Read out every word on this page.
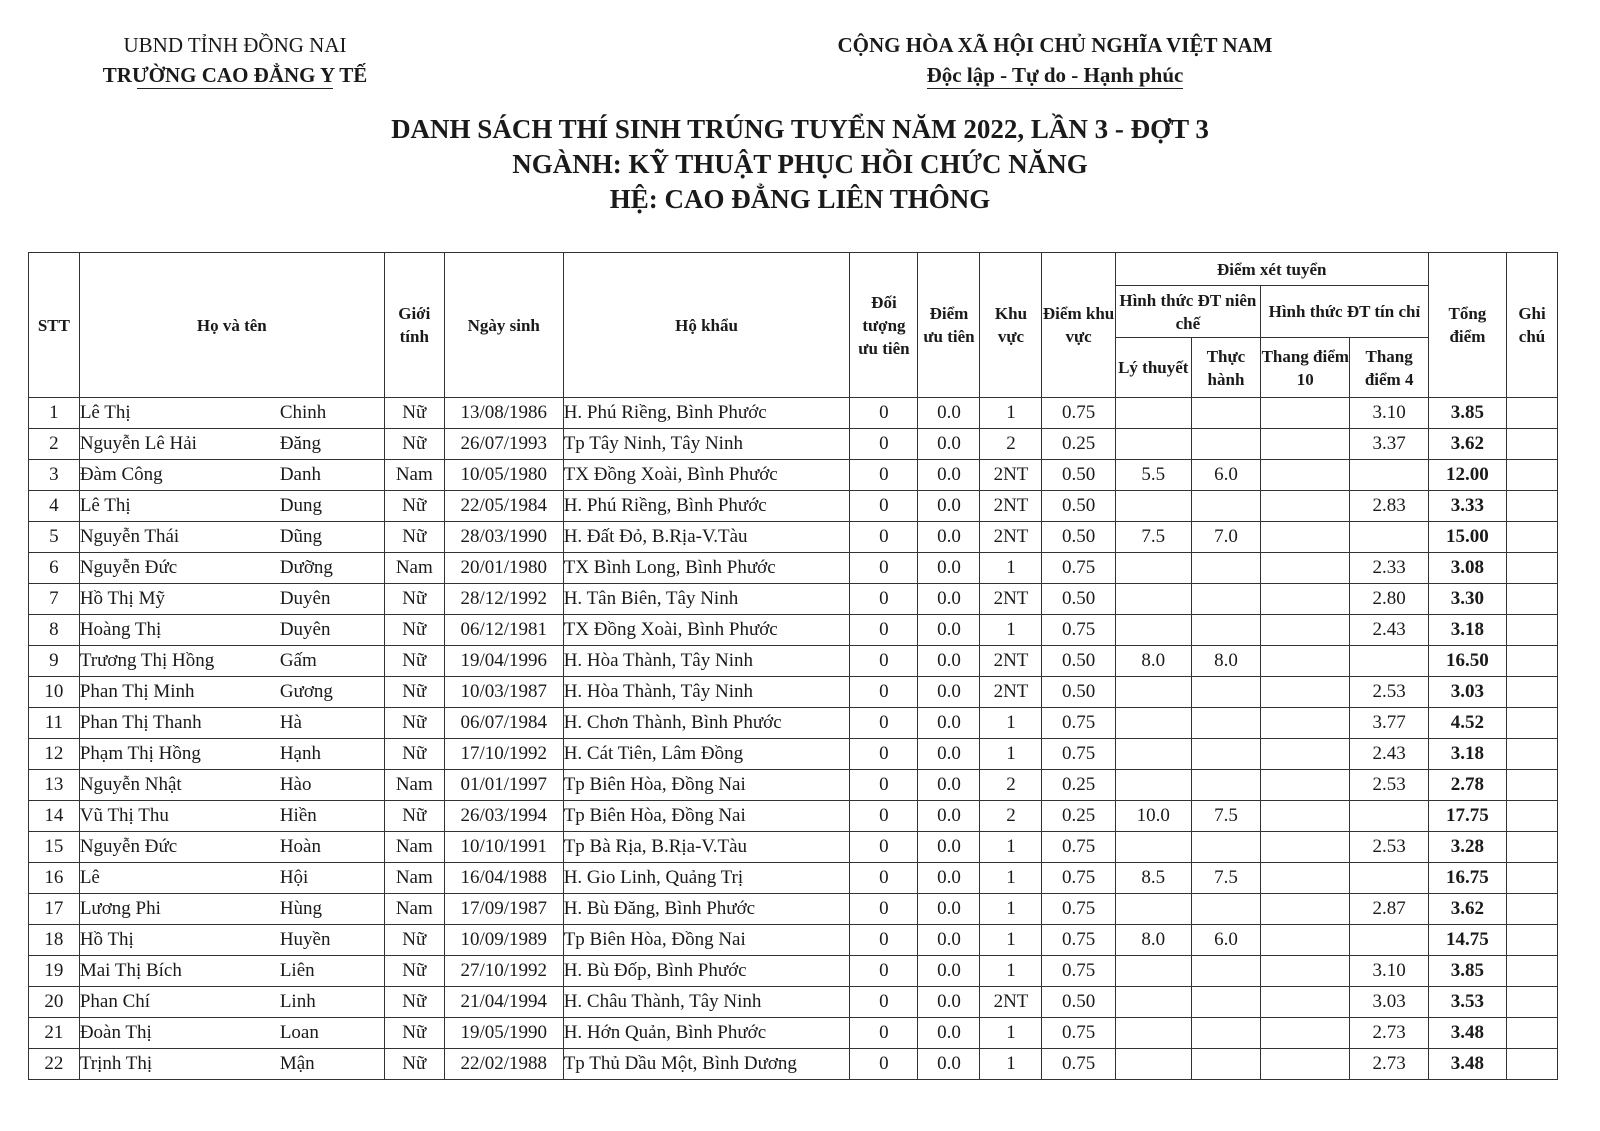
UBND TỈNH ĐỒNG NAI
TRƯỜNG CAO ĐẲNG Y TẾ
CỘNG HÒA XÃ HỘI CHỦ NGHĨA VIỆT NAM
Độc lập - Tự do - Hạnh phúc
DANH SÁCH THÍ SINH TRÚNG TUYỂN NĂM 2022, LẦN 3 - ĐỢT 3
NGÀNH: KỸ THUẬT PHỤC HỒI CHỨC NĂNG
HỆ: CAO ĐẲNG LIÊN THÔNG
STT	Họ và tên	Giới tính	Ngày sinh	Hộ khẩu	Đối tượng ưu tiên	Điểm ưu tiên	Khu vực	Điểm khu vực	Điểm xét tuyển				Tổng điểm	Ghi chú
									Hình thức ĐT niên chế		Hình thức ĐT tín chỉ			
									Lý thuyết	Thực hành	Thang điểm 10	Thang điểm 4		
1	Lê Thị Chinh	Nữ	13/08/1986	H. Phú Riềng, Bình Phước	0	0.0	1	0.75				3.10	3.85	
2	Nguyễn Lê Hải Đăng	Nữ	26/07/1993	Tp Tây Ninh, Tây Ninh	0	0.0	2	0.25				3.37	3.62	
3	Đàm Công Danh	Nam	10/05/1980	TX Đồng Xoài, Bình Phước	0	0.0	2NT	0.50	5.5	6.0			12.00	
4	Lê Thị Dung	Nữ	22/05/1984	H. Phú Riềng, Bình Phước	0	0.0	2NT	0.50				2.83	3.33	
5	Nguyễn Thái Dũng	Nữ	28/03/1990	H. Đất Đỏ, B.Rịa-V.Tàu	0	0.0	2NT	0.50	7.5	7.0			15.00	
6	Nguyễn Đức Dưỡng	Nam	20/01/1980	TX Bình Long, Bình Phước	0	0.0	1	0.75				2.33	3.08	
7	Hồ Thị Mỹ Duyên	Nữ	28/12/1992	H. Tân Biên, Tây Ninh	0	0.0	2NT	0.50				2.80	3.30	
8	Hoàng Thị Duyên	Nữ	06/12/1981	TX Đồng Xoài, Bình Phước	0	0.0	1	0.75				2.43	3.18	
9	Trương Thị Hồng Gấm	Nữ	19/04/1996	H. Hòa Thành, Tây Ninh	0	0.0	2NT	0.50	8.0	8.0			16.50	
10	Phan Thị Minh Gương	Nữ	10/03/1987	H. Hòa Thành, Tây Ninh	0	0.0	2NT	0.50				2.53	3.03	
11	Phan Thị Thanh Hà	Nữ	06/07/1984	H. Chơn Thành, Bình Phước	0	0.0	1	0.75				3.77	4.52	
12	Phạm Thị Hồng Hạnh	Nữ	17/10/1992	H. Cát Tiên, Lâm Đồng	0	0.0	1	0.75				2.43	3.18	
13	Nguyễn Nhật Hào	Nam	01/01/1997	Tp Biên Hòa, Đồng Nai	0	0.0	2	0.25				2.53	2.78	
14	Vũ Thị Thu Hiền	Nữ	26/03/1994	Tp Biên Hòa, Đồng Nai	0	0.0	2	0.25	10.0	7.5			17.75	
15	Nguyễn Đức Hoàn	Nam	10/10/1991	Tp Bà Rịa, B.Rịa-V.Tàu	0	0.0	1	0.75				2.53	3.28	
16	Lê Hội	Nam	16/04/1988	H. Gio Linh, Quảng Trị	0	0.0	1	0.75	8.5	7.5			16.75	
17	Lương Phi Hùng	Nam	17/09/1987	H. Bù Đăng, Bình Phước	0	0.0	1	0.75				2.87	3.62	
18	Hồ Thị Huyền	Nữ	10/09/1989	Tp Biên Hòa, Đồng Nai	0	0.0	1	0.75	8.0	6.0			14.75	
19	Mai Thị Bích Liên	Nữ	27/10/1992	H. Bù Đốp, Bình Phước	0	0.0	1	0.75				3.10	3.85	
20	Phan Chí Linh	Nữ	21/04/1994	H. Châu Thành, Tây Ninh	0	0.0	2NT	0.50				3.03	3.53	
21	Đoàn Thị Loan	Nữ	19/05/1990	H. Hớn Quản, Bình Phước	0	0.0	1	0.75				2.73	3.48	
22	Trịnh Thị Mận	Nữ	22/02/1988	Tp Thủ Dầu Một, Bình Dương	0	0.0	1	0.75				2.73	3.48	
